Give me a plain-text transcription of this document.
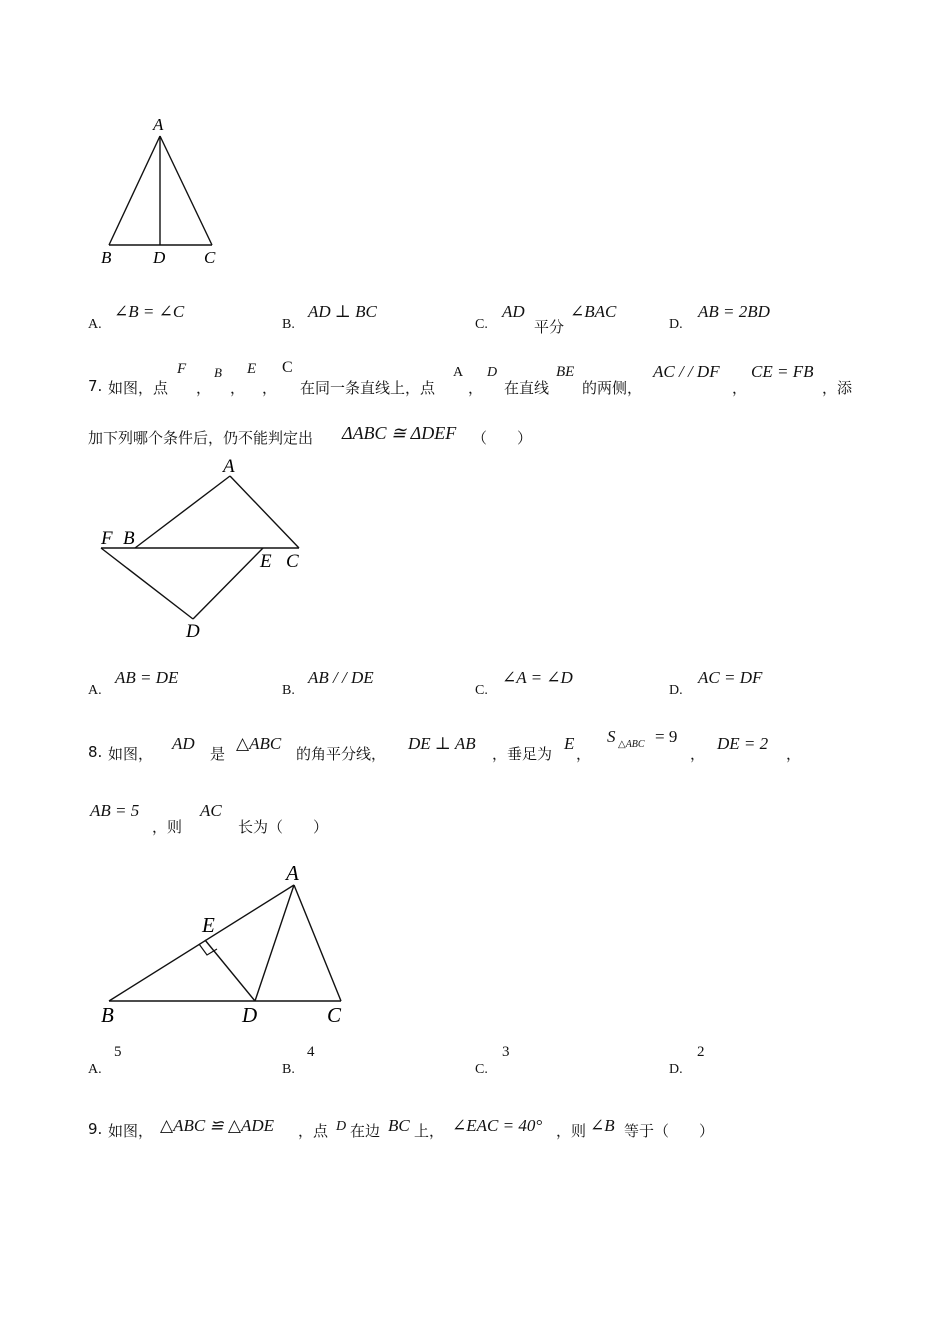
A
B D C
A.
∠B = ∠C
B.
AD ⊥ BC
C.
AD
平分
∠BAC
D.
AB = 2BD
7. 如图，点
F
，
B
，
E
，
C
在同一条直线上，点
A
，
D
在直线
BE
的两侧，
AC / / DF
，
CE = FB
，添
加下列哪个条件后，仍不能判定出 ΔABC ≅ ΔDEF （　　）
A
F B
E C
D
A.
AB = DE
B.
AB / / DE
C.
∠A = ∠D
D.
AC = DF
8. 如图，
AD
是
△ABC
的角平分线，
DE ⊥ AB
，垂足为
E
，
S △ABC = 9
，
DE = 2
，
AB = 5
，则
AC
长为（　　）
A
E
B	D	C
A.
5
B.
4
C.
3
D.
2
9. 如图， △ABC ≌ △ADE ，点 D 在边 BC 上， ∠EAC = 40° ，则 ∠B 等于（　　）
